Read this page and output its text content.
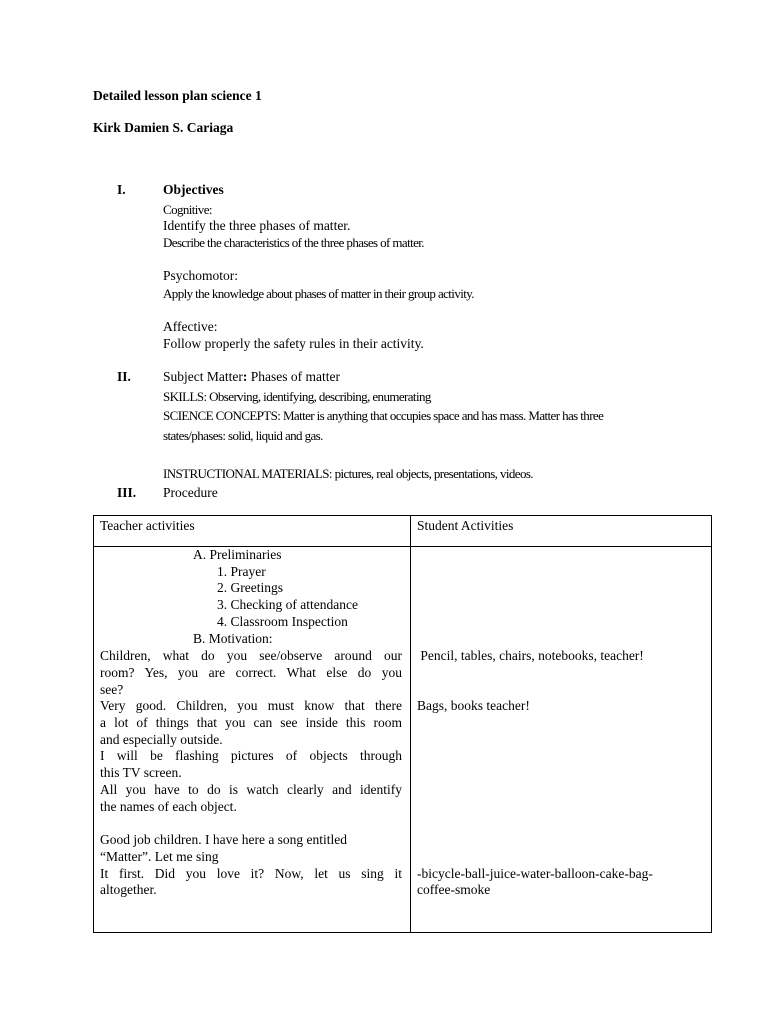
Detailed lesson plan science 1
Kirk Damien S. Cariaga
I.	Objectives
Cognitive:
Identify the three phases of matter.
Describe the characteristics of the three phases of matter.
Psychomotor:
Apply the knowledge about phases of matter in their group activity.
Affective:
Follow properly the safety rules in their activity.
II. Subject Matter: Phases of matter
SKILLS: Observing, identifying, describing, enumerating
SCIENCE CONCEPTS: Matter is anything that occupies space and has mass. Matter has three
states/phases: solid, liquid and gas.
INSTRUCTIONAL MATERIALS: pictures, real objects, presentations, videos.
III. Procedure
Teacher activities	Student Activities
A. Preliminaries
1. Prayer
2. Greetings
3. Checking of attendance
4. Classroom Inspection
B. Motivation:
Children, what do you see/observe around our
room? Yes, you are correct. What else do you
see?
Very good. Children, you must know that there
a lot of things that you can see inside this room
and especially outside.
I will be flashing pictures of objects through
this TV screen.
All you have to do is watch clearly and identify
the names of each object.
Good job children. I have here a song entitled
“Matter”. Let me sing
It first. Did you love it? Now, let us sing it
altogether.
Pencil, tables, chairs, notebooks, teacher!
Bags, books teacher!
-bicycle-ball-juice-water-balloon-cake-bag-
coffee-smoke
